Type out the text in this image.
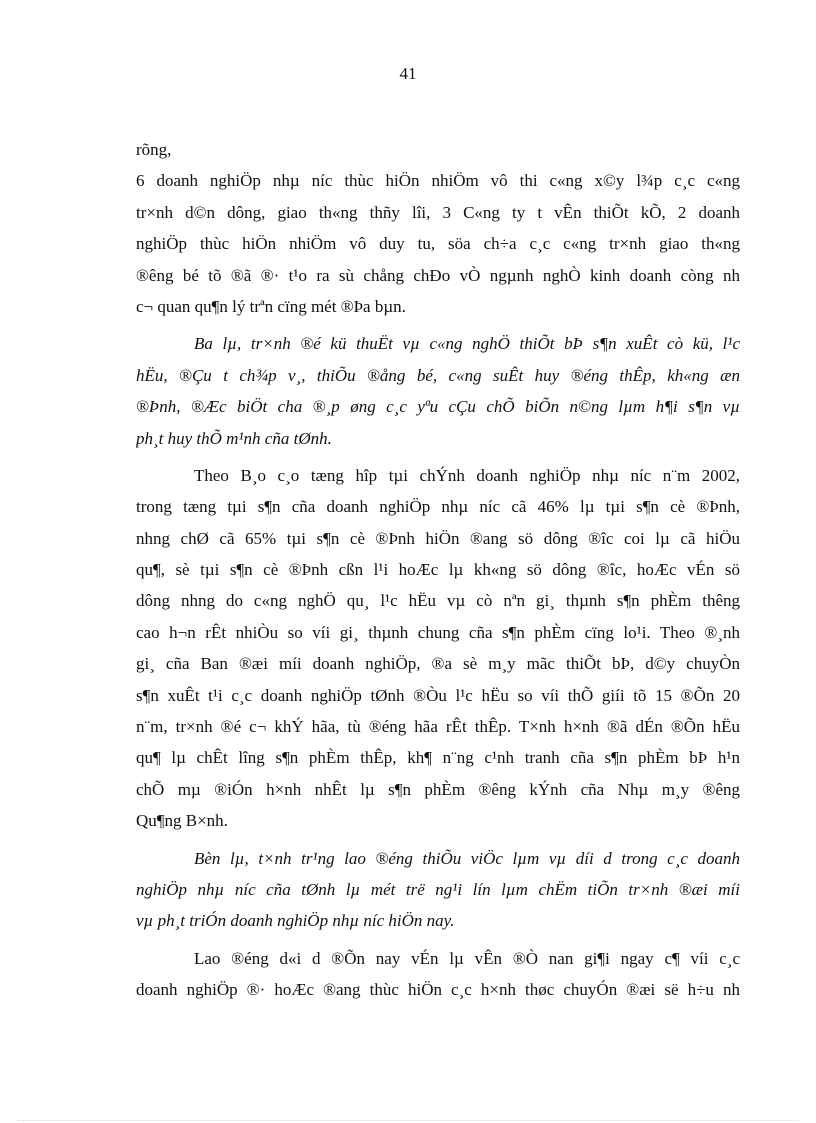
41
rõng,
6 doanh nghiÖp nhµ níc thùc hiÖn nhiÖm vô thi c«ng x©y l¾p c¸c c«ng
tr×nh d©n dông, giao th«ng thñy lîi, 3 C«ng ty t vÊn thiÕt kÕ, 2 doanh
nghiÖp thùc hiÖn nhiÖm vô duy tu, söa ch÷a c¸c c«ng tr×nh giao th«ng
®êng bé tõ ®ã ®· t¹o ra sù chång chÐo vÒ ngµnh nghÒ kinh doanh còng nh
c¬ quan qu¶n lý trªn cïng mét ®Þa bµn.
Ba lµ, tr×nh ®é kü thuËt vµ c«ng nghÖ thiÕt bÞ s¶n xuÊt cò kü, l¹c
hËu, ®Çu t ch¾p v¸, thiÕu ®ång bé, c«ng suÊt huy ®éng thÊp, kh«ng æn
®Þnh, ®Æc biÖt cha ®¸p øng c¸c yªu cÇu chÕ biÕn n©ng lµm h¶i s¶n vµ
ph¸t huy thÕ m¹nh cña tØnh.
Theo B¸o c¸o tæng hîp tµi chÝnh doanh nghiÖp nhµ níc n¨m 2002,
trong tæng tµi s¶n cña doanh nghiÖp nhµ níc cã 46% lµ tµi s¶n cè ®Þnh,
nhng chØ cã 65% tµi s¶n cè ®Þnh hiÖn ®ang sö dông ®îc coi lµ cã hiÖu
qu¶, sè tµi s¶n cè ®Þnh cßn l¹i hoÆc lµ kh«ng sö dông ®îc, hoÆc vÉn sö
dông nhng do c«ng nghÖ qu¸ l¹c hËu vµ cò nªn gi¸ thµnh s¶n phÈm thêng
cao h¬n rÊt nhiÒu so víi gi¸ thµnh chung cña s¶n phÈm cïng lo¹i. Theo ®¸nh
gi¸ cña Ban ®æi míi doanh nghiÖp, ®a sè m¸y mãc thiÕt bÞ, d©y chuyÒn
s¶n xuÊt t¹i c¸c doanh nghiÖp tØnh ®Òu l¹c hËu so víi thÕ giíi tõ 15 ®Õn 20
n¨m, tr×nh ®é c¬ khÝ hãa, tù ®éng hãa rÊt thÊp. T×nh h×nh ®ã dÉn ®Õn hËu
qu¶ lµ chÊt lîng s¶n phÈm thÊp, kh¶ n¨ng c¹nh tranh cña s¶n phÈm bÞ h¹n
chÕ mµ ®iÓn h×nh nhÊt lµ s¶n phÈm ®êng kÝnh cña Nhµ m¸y ®êng
Qu¶ng B×nh.
Bèn lµ, t×nh tr¹ng lao ®éng thiÕu viÖc lµm vµ díi d trong c¸c doanh
nghiÖp nhµ níc cña tØnh lµ mét trë ng¹i lín lµm chËm tiÕn tr×nh ®æi míi
vµ ph¸t triÓn doanh nghiÖp nhµ níc hiÖn nay.
Lao ®éng d«i d ®Õn nay vÉn lµ vÊn ®Ò nan gi¶i ngay c¶ víi c¸c
doanh nghiÖp ®· hoÆc ®ang thùc hiÖn c¸c h×nh thøc chuyÓn ®æi së h÷u nh
